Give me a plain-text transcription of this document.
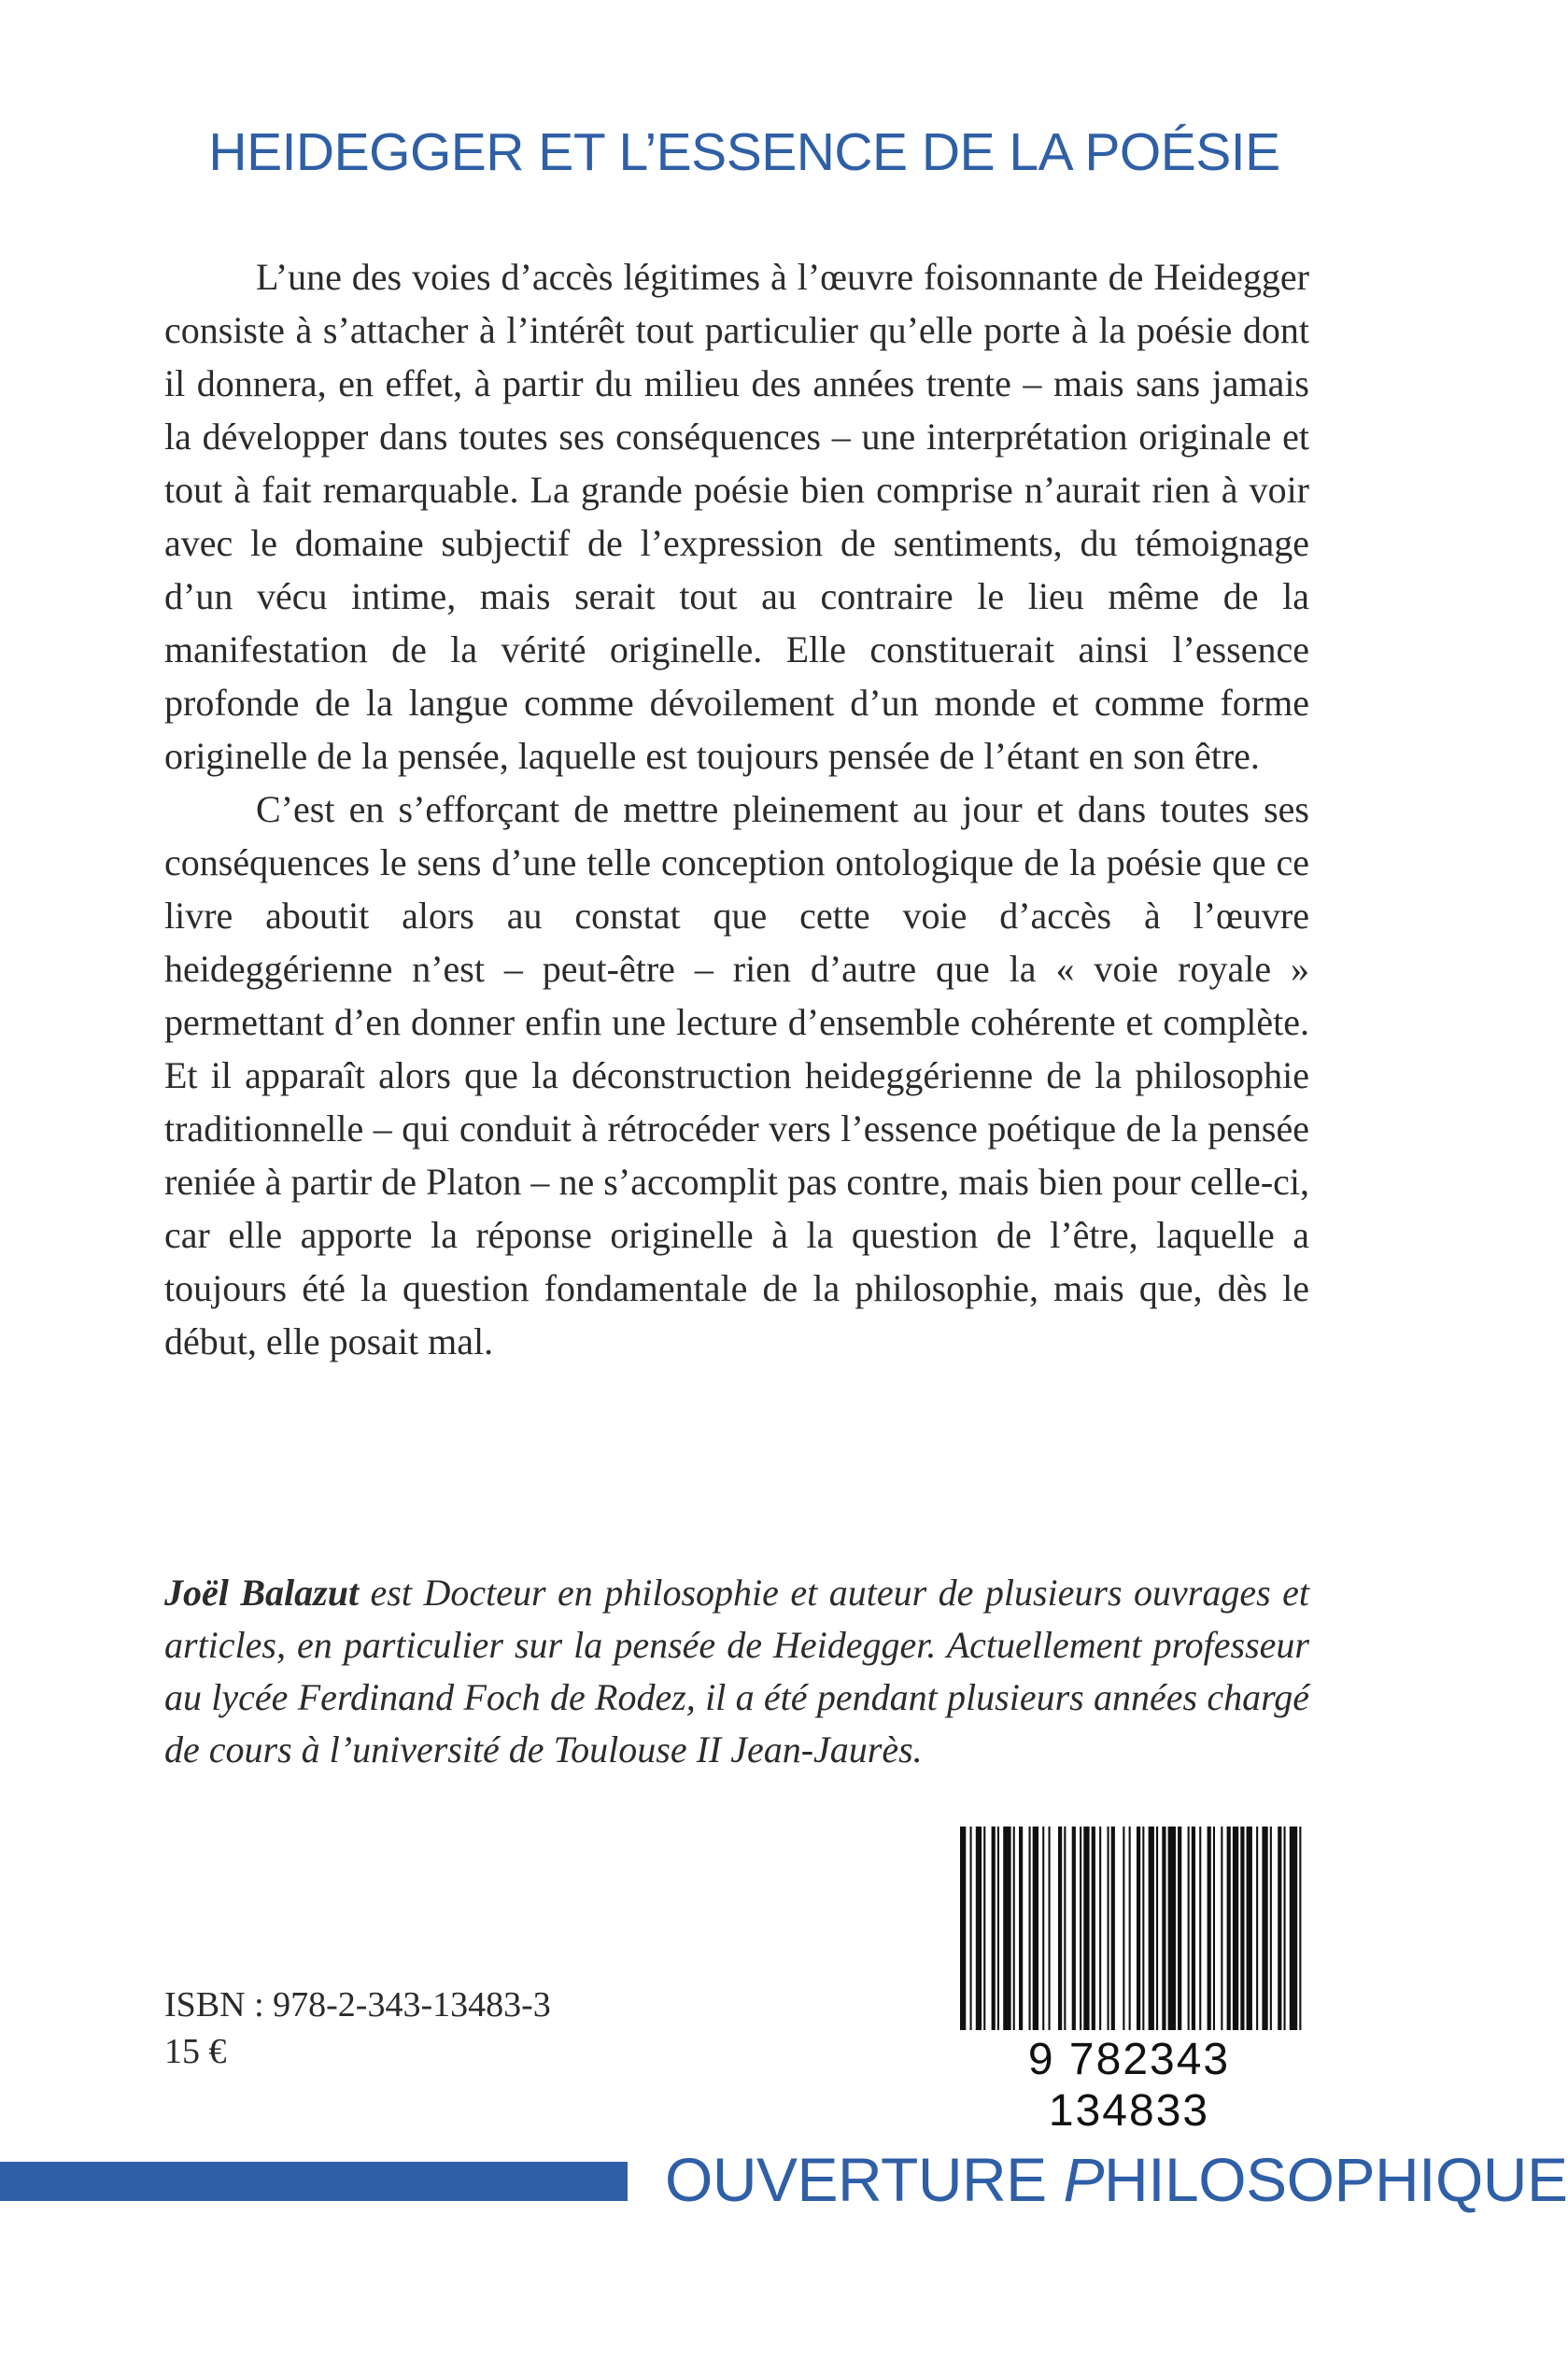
HEIDEGGER ET L’ESSENCE DE LA POÉSIE

L’une des voies d’accès légitimes à l’œuvre foisonnante de Heidegger consiste à s’attacher à l’intérêt tout particulier qu’elle porte à la poésie dont il donnera, en effet, à partir du milieu des années trente – mais sans jamais la développer dans toutes ses conséquences – une interprétation originale et tout à fait remarquable. La grande poésie bien comprise n’aurait rien à voir avec le domaine subjectif de l’expression de sentiments, du témoignage d’un vécu intime, mais serait tout au contraire le lieu même de la manifestation de la vérité originelle. Elle constituerait ainsi l’essence profonde de la langue comme dévoilement d’un monde et comme forme originelle de la pensée, laquelle est toujours pensée de l’étant en son être.

C’est en s’efforçant de mettre pleinement au jour et dans toutes ses conséquences le sens d’une telle conception ontologique de la poésie que ce livre aboutit alors au constat que cette voie d’accès à l’œuvre heideggérienne n’est – peut-être – rien d’autre que la « voie royale » permettant d’en donner enfin une lecture d’ensemble cohérente et complète. Et il apparaît alors que la déconstruction heideggérienne de la philosophie traditionnelle – qui conduit à rétrocéder vers l’essence poétique de la pensée reniée à partir de Platon – ne s’accomplit pas contre, mais bien pour celle-ci, car elle apporte la réponse originelle à la question de l’être, laquelle a toujours été la question fondamentale de la philosophie, mais que, dès le début, elle posait mal.

Joël Balazut est Docteur en philosophie et auteur de plusieurs ouvrages et articles, en particulier sur la pensée de Heidegger. Actuellement professeur au lycée Ferdinand Foch de Rodez, il a été pendant plusieurs années chargé de cours à l’université de Toulouse II Jean-Jaurès.

ISBN : 978-2-343-13483-3
15 €	9 782343 134833
OUVERTURE PHILOSOPHIQUE
